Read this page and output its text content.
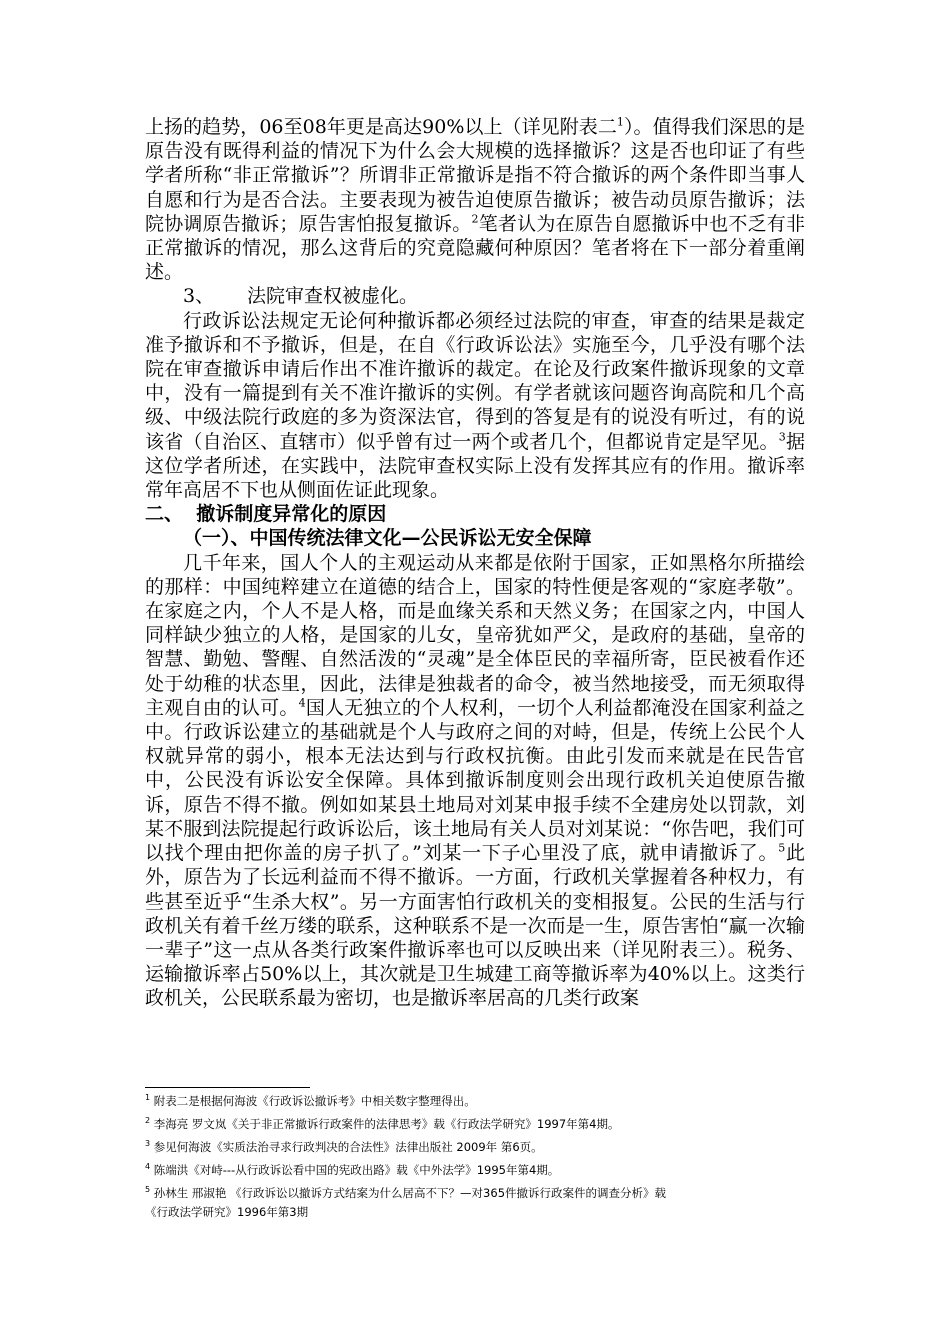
上扬的趋势，06至08年更是高达90%以上（详见附表二$^1$）。值得我们深思的是原告没有既得利益的情况下为什么会大规模的选择撤诉？这是否也印证了有些学者所称“非正常撤诉”？所谓非正常撤诉是指不符合撤诉的两个条件即当事人自愿和行为是否合法。主要表现为被告迫使原告撤诉；被告动员原告撤诉；法院协调原告撤诉；原告害怕报复撤诉。$^2$笔者认为在原告自愿撤诉中也不乏有非正常撤诉的情况，那么这背后的究竟隐藏何种原因？笔者将在下一部分着重阐述。

3、 法院审查权被虚化。

行政诉讼法规定无论何种撤诉都必须经过法院的审查，审查的结果是裁定准予撤诉和不予撤诉，但是，在自《行政诉讼法》实施至今，几乎没有哪个法院在审查撤诉申请后作出不准许撤诉的裁定。在论及行政案件撤诉现象的文章中，没有一篇提到有关不准许撤诉的实例。有学者就该问题咨询高院和几个高级、中级法院行政庭的多为资深法官，得到的答复是有的说没有听过，有的说该省（自治区、直辖市）似乎曾有过一两个或者几个，但都说肯定是罕见。$^3$据这位学者所述，在实践中，法院审查权实际上没有发挥其应有的作用。撤诉率常年高居不下也从侧面佐证此现象。

二、  撤诉制度异常化的原因

（一）、中国传统法律文化—公民诉讼无安全保障

几千年来，国人个人的主观运动从来都是依附于国家，正如黑格尔所描绘的那样：中国纯粹建立在道德的结合上，国家的特性便是客观的“家庭孝敬”。在家庭之内，个人不是人格，而是血缘关系和天然义务；在国家之内，中国人同样缺少独立的人格，是国家的儿女，皇帝犹如严父，是政府的基础，皇帝的智慧、勤勉、警醒、自然活泼的“灵魂”是全体臣民的幸福所寄，臣民被看作还处于幼稚的状态里，因此，法律是独裁者的命令，被当然地接受，而无须取得主观自由的认可。$^4$国人无独立的个人权利，一切个人利益都淹没在国家利益之中。行政诉讼建立的基础就是个人与政府之间的对峙，但是，传统上公民个人权就异常的弱小，根本无法达到与行政权抗衡。由此引发而来就是在民告官中，公民没有诉讼安全保障。具体到撤诉制度则会出现行政机关迫使原告撤诉，原告不得不撤。例如如某县土地局对刘某申报手续不全建房处以罚款，刘某不服到法院提起行政诉讼后，该土地局有关人员对刘某说：“你告吧，我们可以找个理由把你盖的房子扒了。”刘某一下子心里没了底，就申请撤诉了。$^5$此外，原告为了长远利益而不得不撤诉。一方面，行政机关掌握着各种权力，有些甚至近乎“生杀大权”。另一方面害怕行政机关的变相报复。公民的生活与行政机关有着千丝万缕的联系，这种联系不是一次而是一生，原告害怕“赢一次输一辈子”这一点从各类行政案件撤诉率也可以反映出来（详见附表三）。税务、运输撤诉率占50%以上，其次就是卫生城建工商等撤诉率为40%以上。这类行政机关，公民联系最为密切，也是撤诉率居高的几类行政案

$^1$ 附表二是根据何海波《行政诉讼撤诉考》中相关数字整理得出。

$^2$ 李海亮 罗文岚《关于非正常撤诉行政案件的法律思考》载《行政法学研究》1997年第4期。

$^3$ 参见何海波《实质法治寻求行政判决的合法性》法律出版社 2009年 第6页。

$^4$ 陈端洪《对峙---从行政诉讼看中国的宪政出路》载《中外法学》1995年第4期。

$^5$ 孙林生 邢淑艳 《行政诉讼以撤诉方式结案为什么居高不下？—对365件撤诉行政案件的调查分析》载

《行政法学研究》1996年第3期
